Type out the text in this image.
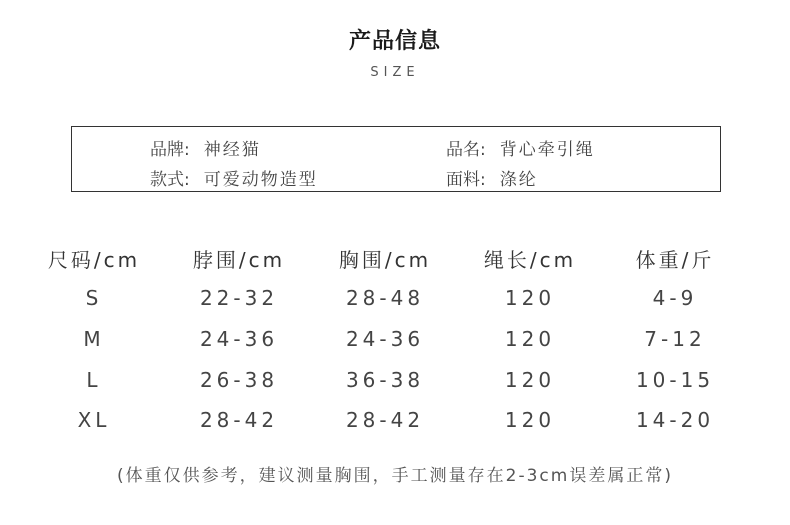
产品信息
SIZE
品牌: 神经猫	品名: 背心牵引绳
款式: 可爱动物造型	面料: 涤纶
尺码/cm	脖围/cm	胸围/cm	绳长/cm	体重/斤
S	22-32	28-48	120	4-9
M	24-36	24-36	120	7-12
L	26-38	36-38	120	10-15
XL	28-42	28-42	120	14-20
(体重仅供参考，建议测量胸围，手工测量存在2-3cm误差属正常)
